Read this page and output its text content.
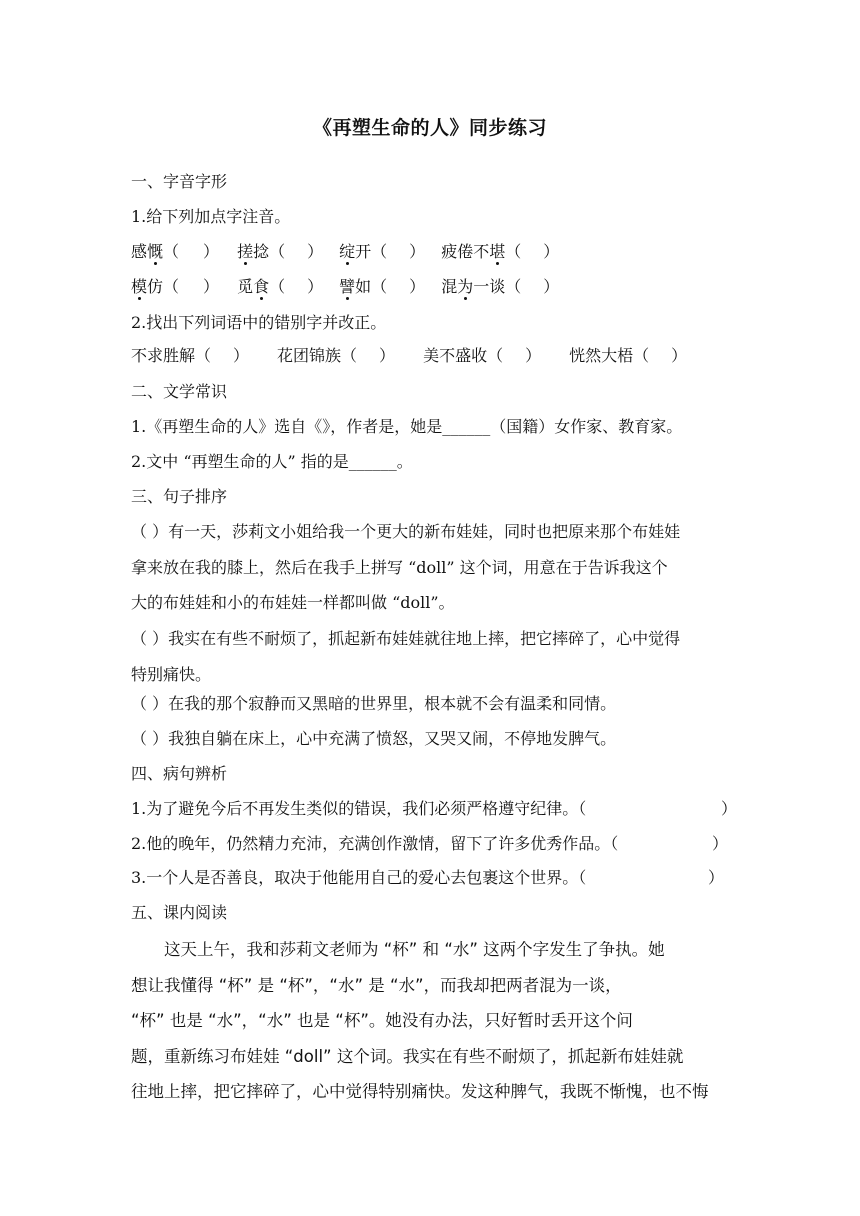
《再塑生命的人》同步练习
一、字音字形
1.给下列加点字注音。
感慨（ ） 搓捻（ ） 绽开（ ） 疲倦不堪（ ）
模仿（ ） 觅食（ ） 譬如（ ） 混为一谈（ ）
2.找出下列词语中的错别字并改正。
不求胜解（ ） 花团锦族（ ） 美不盛收（ ） 恍然大梧（ ）
二、文学常识
1.《再塑生命的人》选自《》，作者是，她是______（国籍）女作家、教育家。
2.文中 “再塑生命的人” 指的是______。
三、句子排序
（ ）有一天，莎莉文小姐给我一个更大的新布娃娃，同时也把原来那个布娃娃
拿来放在我的膝上，然后在我手上拼写 “doll” 这个词，用意在于告诉我这个
大的布娃娃和小的布娃娃一样都叫做 “doll”。
（ ）我实在有些不耐烦了，抓起新布娃娃就往地上摔，把它摔碎了，心中觉得
特别痛快。
（ ）在我的那个寂静而又黑暗的世界里，根本就不会有温柔和同情。
（ ）我独自躺在床上，心中充满了愤怒，又哭又闹，不停地发脾气。
四、病句辨析
1.为了避免今后不再发生类似的错误，我们必须严格遵守纪律。（	）
2.他的晚年，仍然精力充沛，充满创作激情，留下了许多优秀作品。（	）
3.一个人是否善良，取决于他能用自己的爱心去包裹这个世界。（	）
五、课内阅读
这天上午，我和莎莉文老师为 “杯” 和 “水” 这两个字发生了争执。她
想让我懂得 “杯” 是 “杯”，“水” 是 “水”，而我却把两者混为一谈，
“杯” 也是 “水”，“水” 也是 “杯”。她没有办法，只好暂时丢开这个问
题，重新练习布娃娃 “doll” 这个词。我实在有些不耐烦了，抓起新布娃娃就
往地上摔，把它摔碎了，心中觉得特别痛快。发这种脾气，我既不惭愧，也不悔
